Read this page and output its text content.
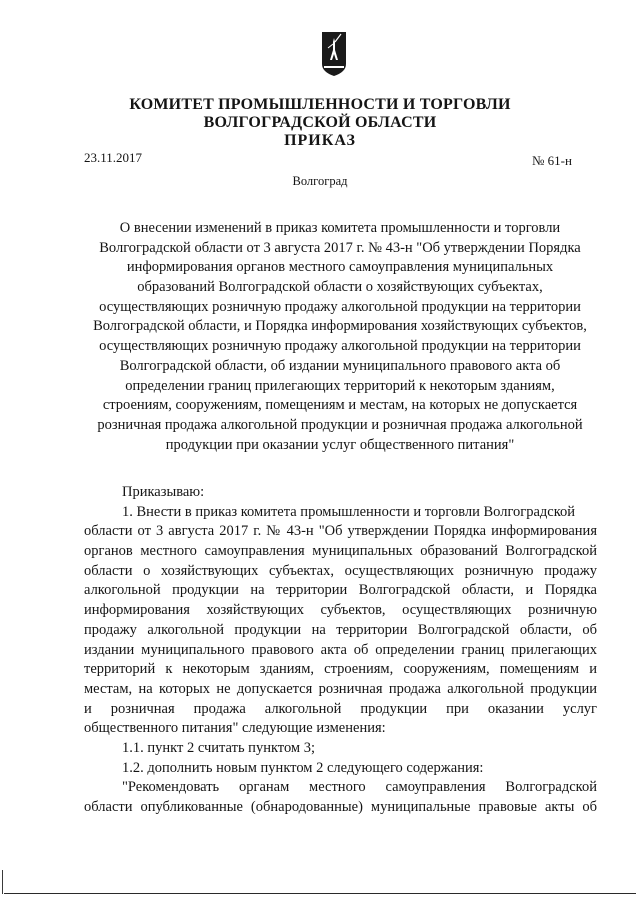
КОМИТЕТ ПРОМЫШЛЕННОСТИ И ТОРГОВЛИ
ВОЛГОГРАДСКОЙ ОБЛАСТИ
ПРИКАЗ
23.11.2017	№ 61-н
Волгоград
О внесении изменений в приказ комитета промышленности и торговли
Волгоградской области от 3 августа 2017 г. № 43-н "Об утверждении Порядка
информирования органов местного самоуправления муниципальных
образований Волгоградской области о хозяйствующих субъектах,
осуществляющих розничную продажу алкогольной продукции на территории
Волгоградской области, и Порядка информирования хозяйствующих субъектов,
осуществляющих розничную продажу алкогольной продукции на территории
Волгоградской области, об издании муниципального правового акта об
определении границ прилегающих территорий к некоторым зданиям,
строениям, сооружениям, помещениям и местам, на которых не допускается
розничная продажа алкогольной продукции и розничная продажа алкогольной
продукции при оказании услуг общественного питания"
Приказываю:
1. Внести в приказ комитета промышленности и торговли Волгоградской
области от 3 августа 2017 г. № 43-н "Об утверждении Порядка информирования
органов местного самоуправления муниципальных образований Волгоградской
области о хозяйствующих субъектах, осуществляющих розничную продажу
алкогольной продукции на территории Волгоградской области, и Порядка
информирования хозяйствующих субъектов, осуществляющих розничную
продажу алкогольной продукции на территории Волгоградской области, об
издании муниципального правового акта об определении границ прилегающих
территорий к некоторым зданиям, строениям, сооружениям, помещениям и
местам, на которых не допускается розничная продажа алкогольной продукции
и розничная продажа алкогольной продукции при оказании услуг
общественного питания" следующие изменения:
1.1. пункт 2 считать пунктом 3;
1.2. дополнить новым пунктом 2 следующего содержания:
"Рекомендовать органам местного самоуправления Волгоградской
области опубликованные (обнародованные) муниципальные правовые акты об
